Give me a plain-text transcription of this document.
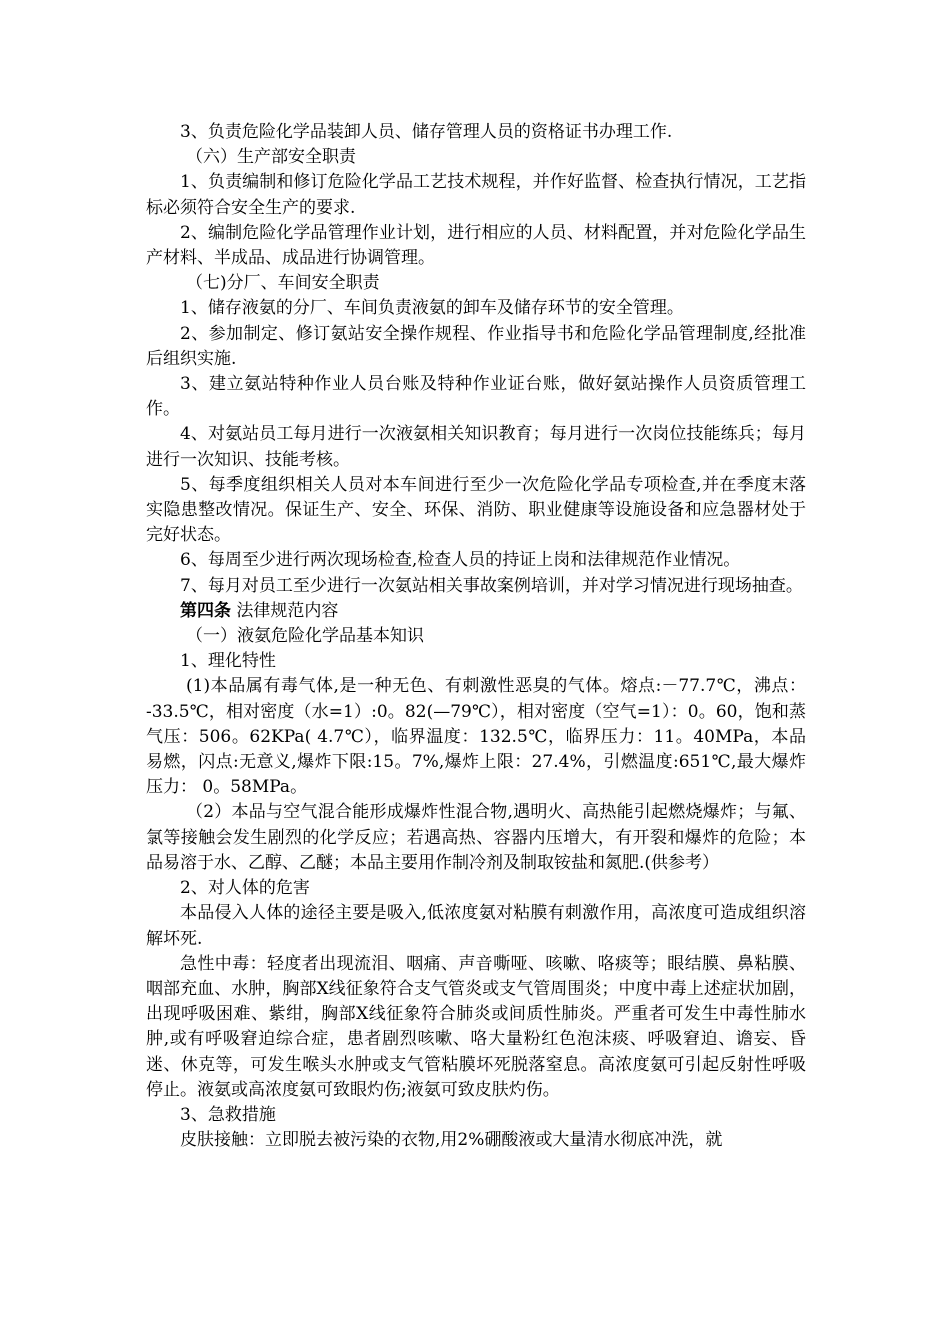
3、负责危险化学品装卸人员、储存管理人员的资格证书办理工作.

（六）生产部安全职责

1、负责编制和修订危险化学品工艺技术规程，并作好监督、检查执行情况，工艺指标必须符合安全生产的要求.

2、编制危险化学品管理作业计划，进行相应的人员、材料配置，并对危险化学品生产材料、半成品、成品进行协调管理。

（七)分厂、车间安全职责

1、储存液氨的分厂、车间负责液氨的卸车及储存环节的安全管理。

2、参加制定、修订氨站安全操作规程、作业指导书和危险化学品管理制度,经批准后组织实施.

3、建立氨站特种作业人员台账及特种作业证台账，做好氨站操作人员资质管理工作。

4、对氨站员工每月进行一次液氨相关知识教育；每月进行一次岗位技能练兵；每月进行一次知识、技能考核。

5、每季度组织相关人员对本车间进行至少一次危险化学品专项检查,并在季度末落实隐患整改情况。保证生产、安全、环保、消防、职业健康等设施设备和应急器材处于完好状态。

6、每周至少进行两次现场检查,检查人员的持证上岗和法律规范作业情况。

7、每月对员工至少进行一次氨站相关事故案例培训，并对学习情况进行现场抽查。

第四条 法律规范内容

（一）液氨危险化学品基本知识

1、理化特性

(1)本品属有毒气体,是一种无色、有刺激性恶臭的气体。熔点:－77.7℃，沸点： -33.5℃，相对密度（水=1）:0。82(—79℃），相对密度（空气=1）：0。60，饱和蒸气压：506。62KPa( 4.7℃），临界温度：132.5℃，临界压力：11。40MPa，本品易燃，闪点:无意义,爆炸下限:15。7%,爆炸上限：27.4%，引燃温度:651℃,最大爆炸压力： 0。58MPa。

（2）本品与空气混合能形成爆炸性混合物,遇明火、高热能引起燃烧爆炸；与氟、氯等接触会发生剧烈的化学反应；若遇高热、容器内压增大，有开裂和爆炸的危险；本品易溶于水、乙醇、乙醚；本品主要用作制冷剂及制取铵盐和氮肥.(供参考）

2、对人体的危害

本品侵入人体的途径主要是吸入,低浓度氨对粘膜有刺激作用，高浓度可造成组织溶解坏死.

急性中毒：轻度者出现流泪、咽痛、声音嘶哑、咳嗽、咯痰等；眼结膜、鼻粘膜、咽部充血、水肿，胸部X线征象符合支气管炎或支气管周围炎；中度中毒上述症状加剧，出现呼吸困难、紫绀，胸部X线征象符合肺炎或间质性肺炎。严重者可发生中毒性肺水肿,或有呼吸窘迫综合症，患者剧烈咳嗽、咯大量粉红色泡沫痰、呼吸窘迫、谵妄、昏迷、休克等，可发生喉头水肿或支气管粘膜坏死脱落窒息。高浓度氨可引起反射性呼吸停止。液氨或高浓度氨可致眼灼伤;液氨可致皮肤灼伤。

3、急救措施

皮肤接触：立即脱去被污染的衣物,用2%硼酸液或大量清水彻底冲洗，就
